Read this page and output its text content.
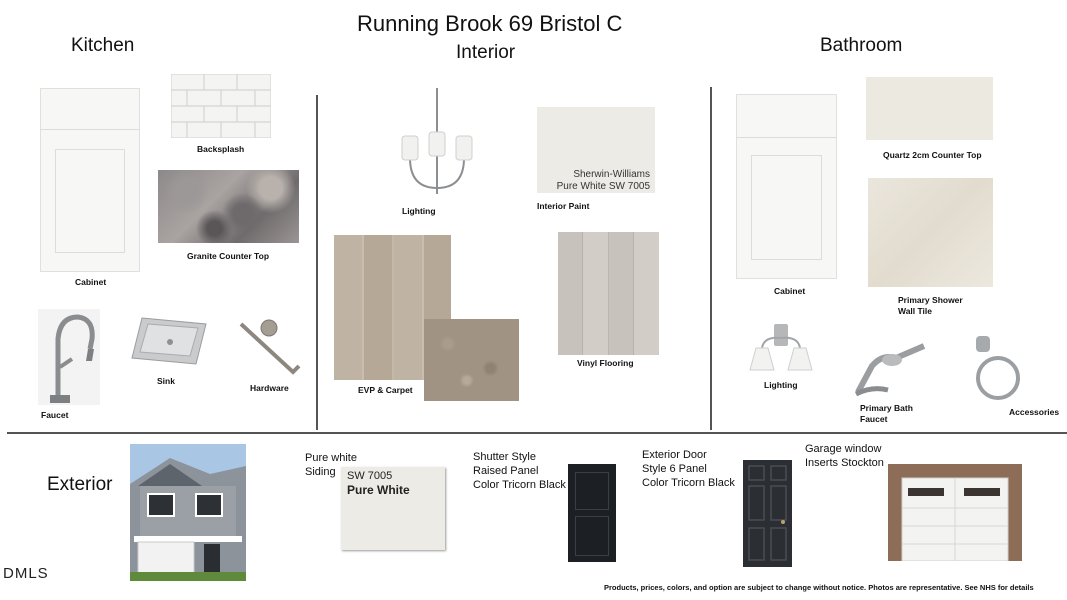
Running Brook 69 Bristol C
Interior
Kitchen	Bathroom
Cabinet
Backsplash
Granite Counter Top
Faucet
Sink
Hardware
Lighting
Sherwin-Williams
Pure White SW 7005
Interior Paint
EVP & Carpet
Vinyl Flooring
Cabinet
Quartz 2cm Counter Top
Primary Shower
Wall Tile
Lighting
Primary Bath
Faucet
Accessories
Exterior
Pure white
Siding SW 7005
Pure White
Shutter Style
Raised Panel
Color Tricorn Black
Exterior Door
Style 6 Panel
Color Tricorn Black
Garage window
Inserts Stockton
DMLS
Products, prices, colors, and option are subject to change without notice. Photos are representative. See NHS for details
